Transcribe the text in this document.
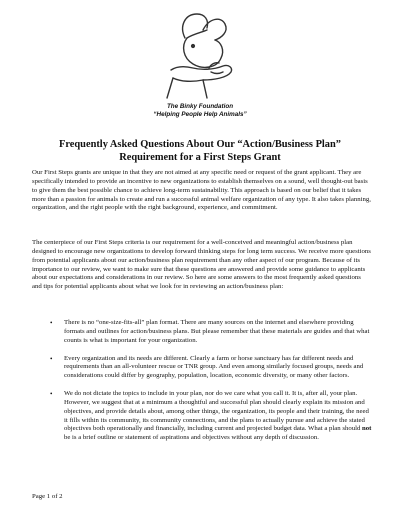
The Binky Foundation
“Helping People Help Animals”
Frequently Asked Questions About Our “Action/Business Plan”
Requirement for a First Steps Grant
Our First Steps grants are unique in that they are not aimed at any specific need or request of the grant applicant. They are specifically intended to provide an incentive to new organizations to establish themselves on a sound, well thought-out basis to give them the best possible chance to achieve long-term sustainability. This approach is based on our belief that it takes more than a passion for animals to create and run a successful animal welfare organization of any type. It also takes planning, organization, and the right people with the right background, experience, and commitment.
The centerpiece of our First Steps criteria is our requirement for a well-conceived and meaningful action/business plan designed to encourage new organizations to develop forward thinking steps for long term success. We receive more questions from potential applicants about our action/business plan requirement than any other aspect of our program. Because of its importance to our review, we want to make sure that these questions are answered and provide some guidance to applicants about our expectations and considerations in our review. So here are some answers to the most frequently asked questions and tips for potential applicants about what we look for in reviewing an action/business plan:
• There is no “one-size-fits-all” plan format. There are many sources on the internet and elsewhere providing formats and outlines for action/business plans. But please remember that these materials are guides and that what counts is what is important for your organization.
• Every organization and its needs are different. Clearly a farm or horse sanctuary has far different needs and requirements than an all-volunteer rescue or TNR group. And even among similarly focused groups, needs and considerations could differ by geography, population, location, economic diversity, or many other factors.
• We do not dictate the topics to include in your plan, nor do we care what you call it. It is, after all, your plan. However, we suggest that at a minimum a thoughtful and successful plan should clearly explain its mission and objectives, and provide details about, among other things, the organization, its people and their training, the need it fills within its community, its community connections, and the plans to actually pursue and achieve the stated objectives both operationally and financially, including current and projected budget data. What a plan should not be is a brief outline or statement of aspirations and objectives without any depth of discussion.
Page 1 of 2
